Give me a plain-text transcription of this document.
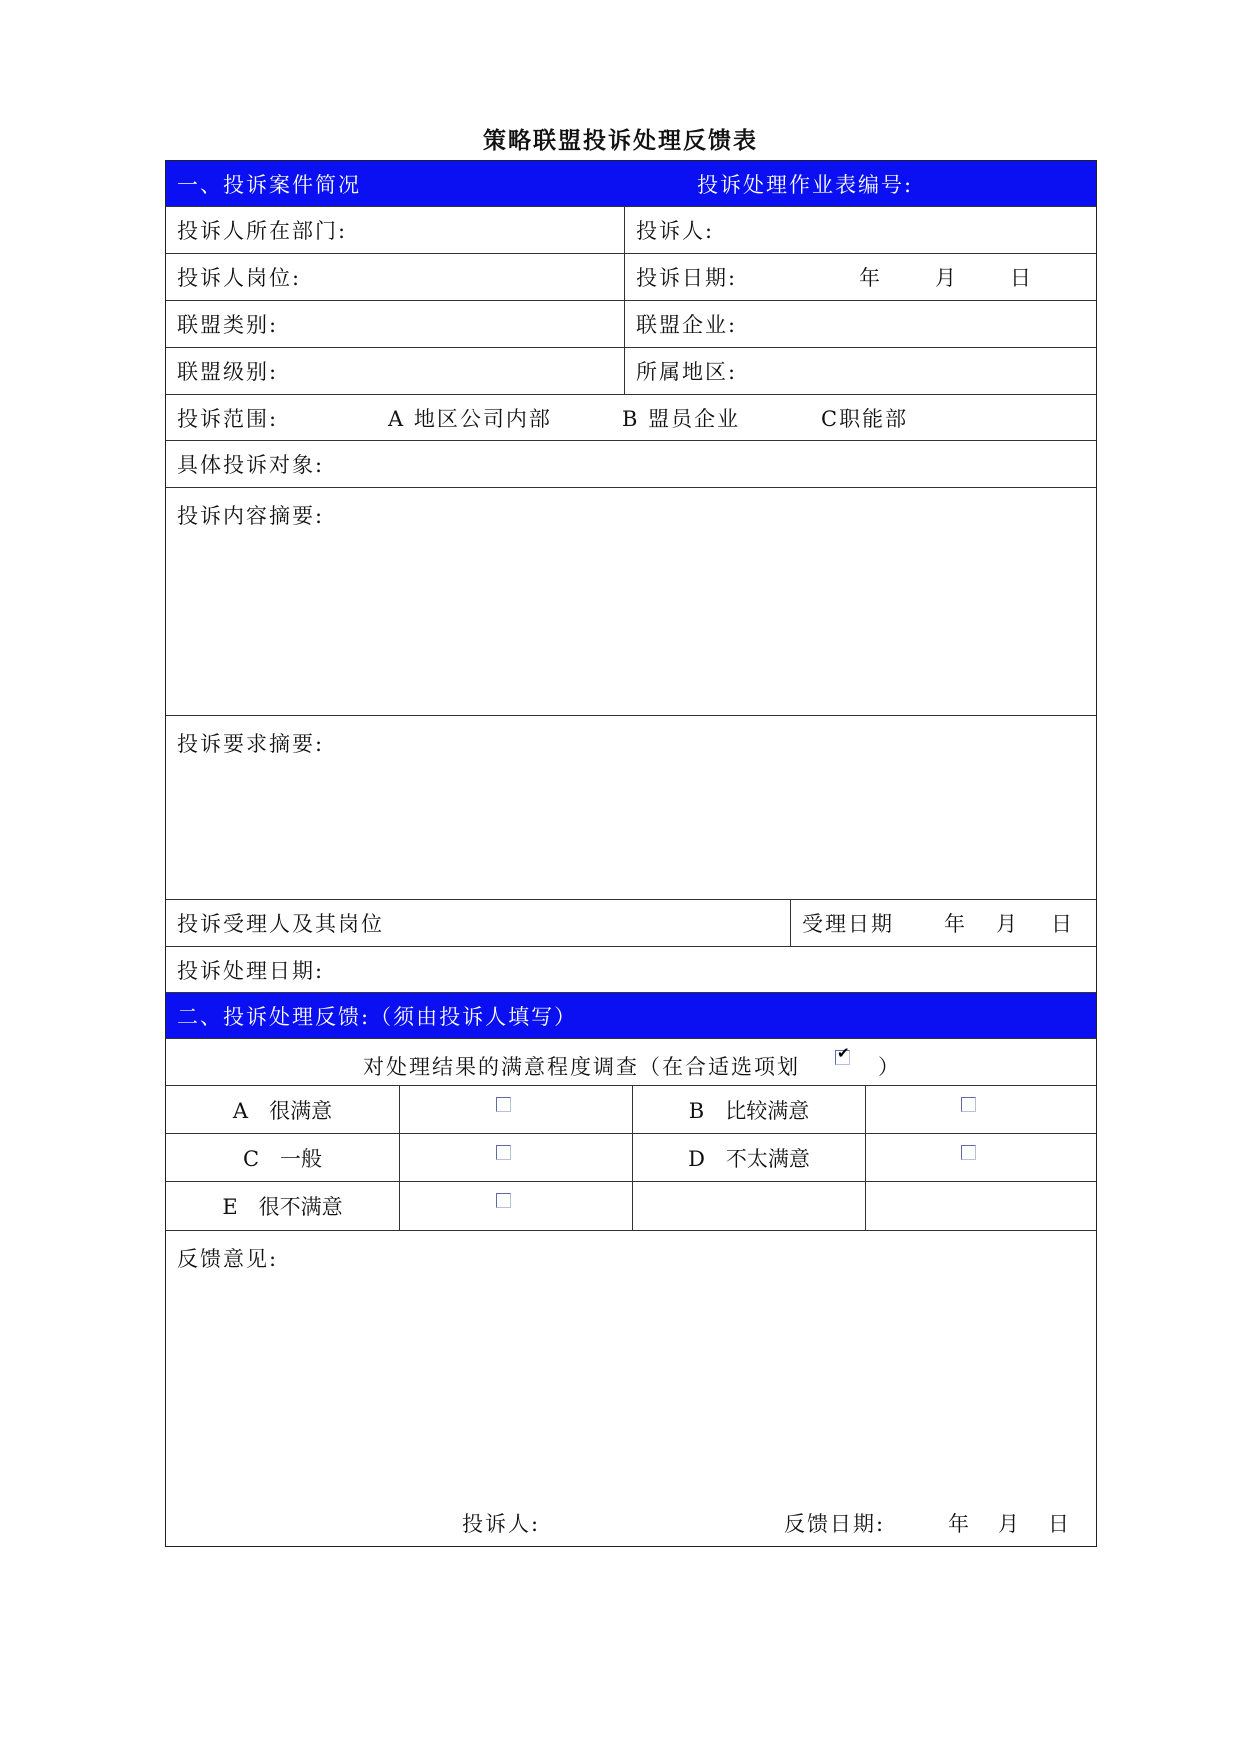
策略联盟投诉处理反馈表
一、投诉案件简况	投诉处理作业表编号:
投诉人所在部门:	投诉人:
投诉人岗位:	投诉日期:	年	月 日
联盟类别:	联盟企业:
联盟级别:	所属地区:
投诉范围:	A 地区公司内部	B 盟员企业	C职能部
具体投诉对象:
投诉内容摘要:
投诉要求摘要:
投诉受理人及其岗位	受理日期 年 月 日
投诉处理日期:
二、投诉处理反馈:（须由投诉人填写）
对处理结果的满意程度调查（在合适选项划
✔
）
A　很满意	B　比较满意
C　一般	D　不太满意
E　很不满意
反馈意见:
投诉人:	反馈日期:	年 月 日
